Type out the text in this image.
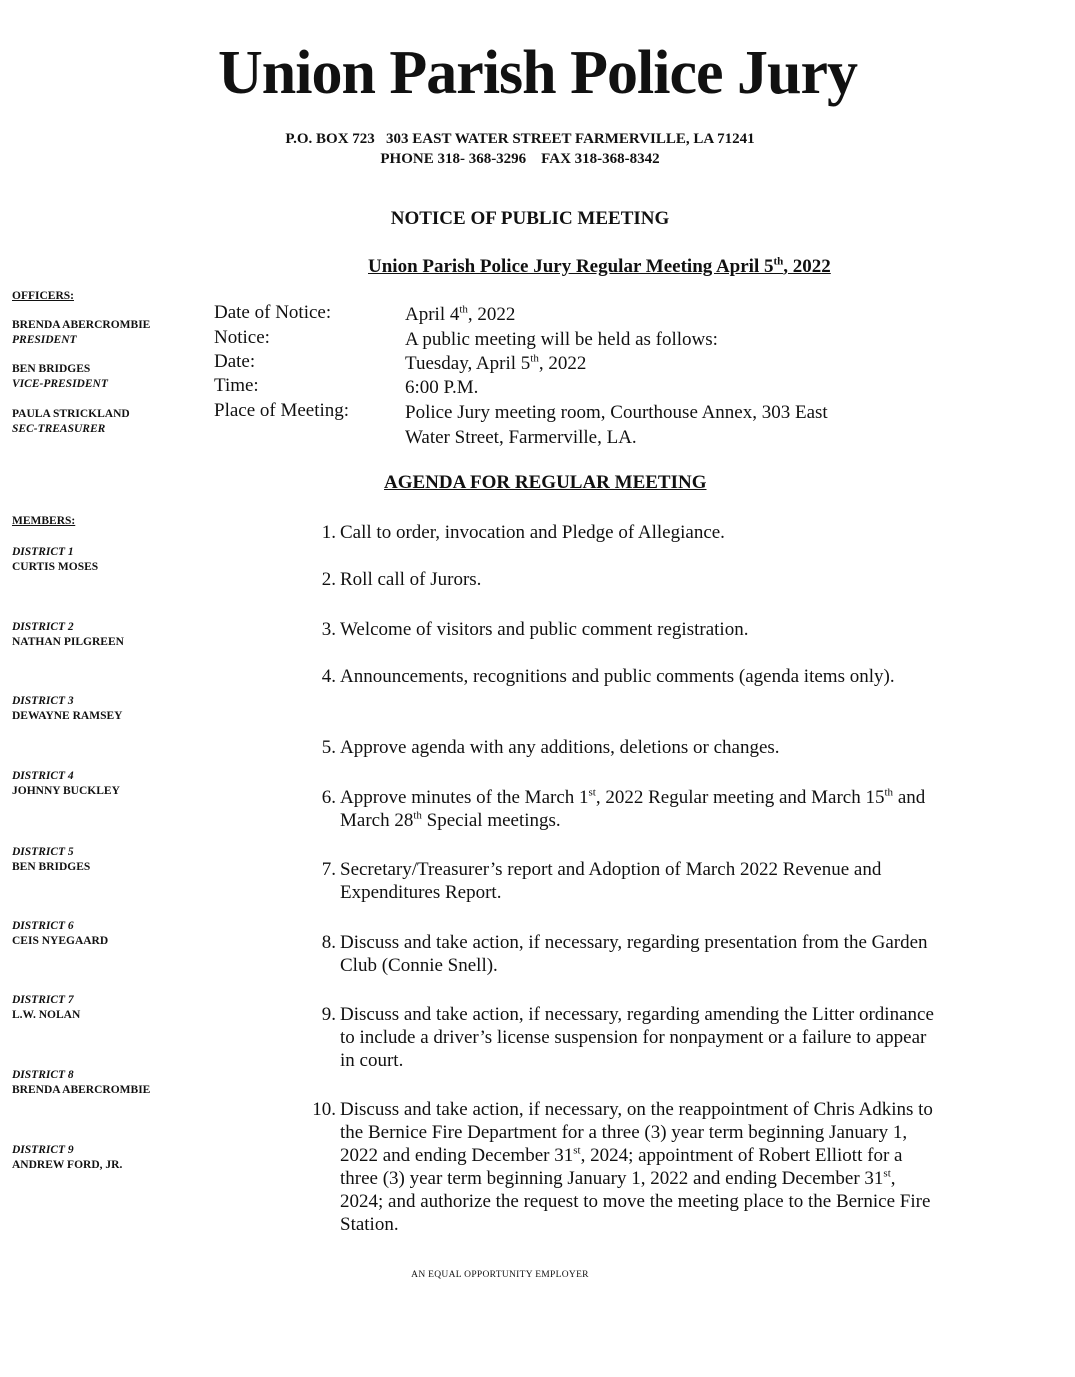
Union Parish Police Jury
P.O. BOX 723   303 EAST WATER STREET FARMERVILLE, LA 71241
PHONE 318- 368-3296    FAX 318-368-8342
NOTICE OF PUBLIC MEETING
Union Parish Police Jury Regular Meeting April 5th, 2022
OFFICERS:
BRENDA ABERCROMBIE
PRESIDENT
BEN BRIDGES
VICE-PRESIDENT
PAULA STRICKLAND
SEC-TREASURER
MEMBERS:
DISTRICT 1
CURTIS MOSES
DISTRICT 2
NATHAN PILGREEN
DISTRICT 3
DEWAYNE RAMSEY
DISTRICT 4
JOHNNY BUCKLEY
DISTRICT 5
BEN BRIDGES
DISTRICT 6
CEIS NYEGAARD
DISTRICT 7
L.W. NOLAN
DISTRICT 8
BRENDA ABERCROMBIE
DISTRICT 9
ANDREW FORD, JR.
Date of Notice:	April 4th, 2022
Notice:	A public meeting will be held as follows:
Date:	Tuesday, April 5th, 2022
Time:	6:00 P.M.
Place of Meeting:	Police Jury meeting room, Courthouse Annex, 303 East
Water Street, Farmerville, LA.
AGENDA FOR REGULAR MEETING
1. Call to order, invocation and Pledge of Allegiance.
2. Roll call of Jurors.
3. Welcome of visitors and public comment registration.
4. Announcements, recognitions and public comments (agenda items only).
5. Approve agenda with any additions, deletions or changes.
6. Approve minutes of the March 1st, 2022 Regular meeting and March 15th and March 28th Special meetings.
7. Secretary/Treasurer’s report and Adoption of March 2022 Revenue and Expenditures Report.
8. Discuss and take action, if necessary, regarding presentation from the Garden Club (Connie Snell).
9. Discuss and take action, if necessary, regarding amending the Litter ordinance to include a driver’s license suspension for nonpayment or a failure to appear in court.
10. Discuss and take action, if necessary, on the reappointment of Chris Adkins to the Bernice Fire Department for a three (3) year term beginning January 1, 2022 and ending December 31st, 2024; appointment of Robert Elliott for a three (3) year term beginning January 1, 2022 and ending December 31st, 2024; and authorize the request to move the meeting place to the Bernice Fire Station.
AN EQUAL OPPORTUNITY EMPLOYER
